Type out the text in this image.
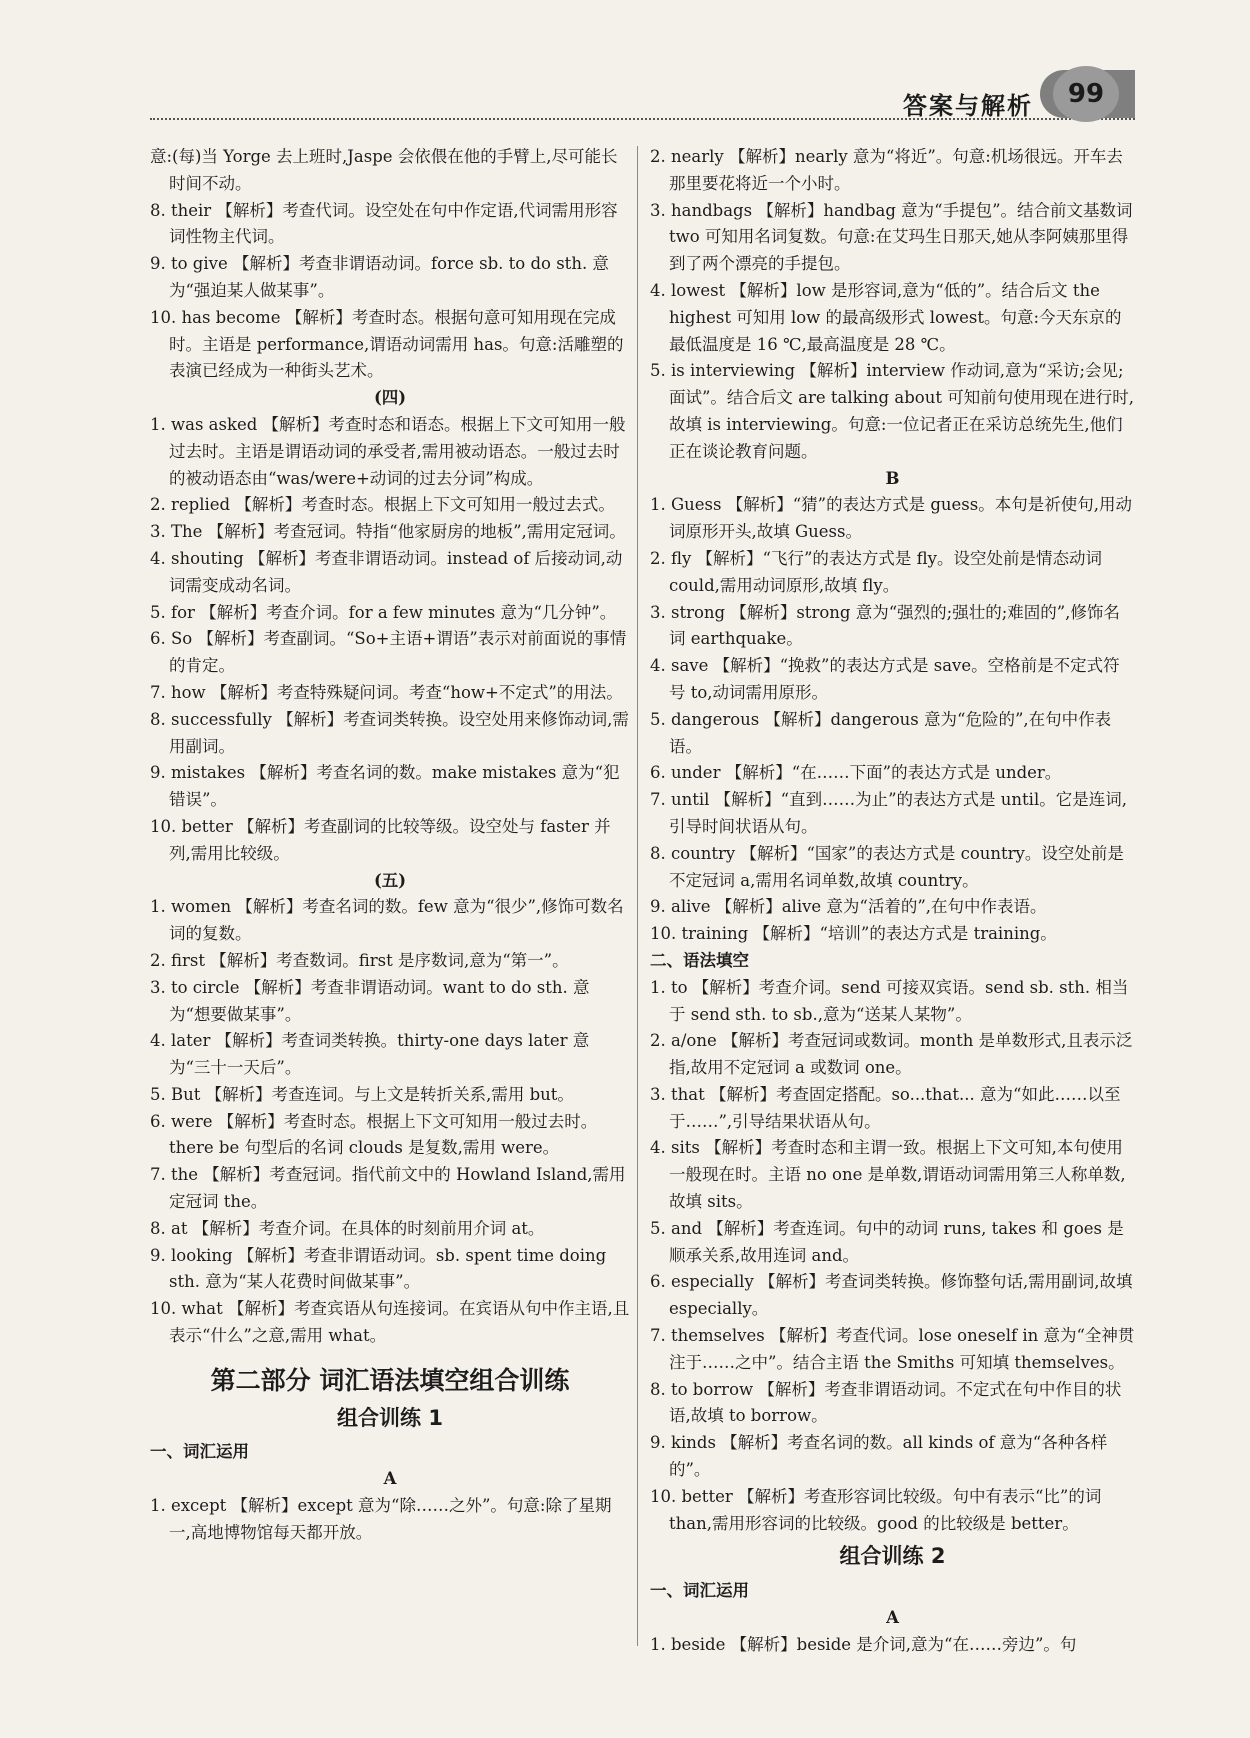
答案与解析	99

意:(每)当 Yorge 去上班时,Jaspe 会依偎在他的手臂上,尽可能长时间不动。

8. their 【解析】考查代词。设空处在句中作定语,代词需用形容词性物主代词。

9. to give 【解析】考查非谓语动词。force sb. to do sth. 意为“强迫某人做某事”。

10. has become 【解析】考查时态。根据句意可知用现在完成时。主语是 performance,谓语动词需用 has。句意:活雕塑的表演已经成为一种街头艺术。

(四)

1. was asked 【解析】考查时态和语态。根据上下文可知用一般过去时。主语是谓语动词的承受者,需用被动语态。一般过去时的被动语态由“was/were+动词的过去分词”构成。

2. replied 【解析】考查时态。根据上下文可知用一般过去式。

3. The 【解析】考查冠词。特指“他家厨房的地板”,需用定冠词。

4. shouting 【解析】考查非谓语动词。instead of 后接动词,动词需变成动名词。

5. for 【解析】考查介词。for a few minutes 意为“几分钟”。

6. So 【解析】考查副词。“So+主语+谓语”表示对前面说的事情的肯定。

7. how 【解析】考查特殊疑问词。考查“how+不定式”的用法。

8. successfully 【解析】考查词类转换。设空处用来修饰动词,需用副词。

9. mistakes 【解析】考查名词的数。make mistakes 意为“犯错误”。

10. better 【解析】考查副词的比较等级。设空处与 faster 并列,需用比较级。

(五)

1. women 【解析】考查名词的数。few 意为“很少”,修饰可数名词的复数。

2. first 【解析】考查数词。first 是序数词,意为“第一”。

3. to circle 【解析】考查非谓语动词。want to do sth. 意为“想要做某事”。

4. later 【解析】考查词类转换。thirty-one days later 意为“三十一天后”。

5. But 【解析】考查连词。与上文是转折关系,需用 but。

6. were 【解析】考查时态。根据上下文可知用一般过去时。there be 句型后的名词 clouds 是复数,需用 were。

7. the 【解析】考查冠词。指代前文中的 Howland Island,需用定冠词 the。

8. at 【解析】考查介词。在具体的时刻前用介词 at。

9. looking 【解析】考查非谓语动词。sb. spent time doing sth. 意为“某人花费时间做某事”。

10. what 【解析】考查宾语从句连接词。在宾语从句中作主语,且表示“什么”之意,需用 what。

第二部分 词汇语法填空组合训练
组合训练 1

一、词汇运用

A

1. except 【解析】except 意为“除……之外”。句意:除了星期一,高地博物馆每天都开放。

2. nearly 【解析】nearly 意为“将近”。句意:机场很远。开车去那里要花将近一个小时。

3. handbags 【解析】handbag 意为“手提包”。结合前文基数词 two 可知用名词复数。句意:在艾玛生日那天,她从李阿姨那里得到了两个漂亮的手提包。

4. lowest 【解析】low 是形容词,意为“低的”。结合后文 the highest 可知用 low 的最高级形式 lowest。句意:今天东京的最低温度是 16 ℃,最高温度是 28 ℃。

5. is interviewing 【解析】interview 作动词,意为“采访;会见;面试”。结合后文 are talking about 可知前句使用现在进行时,故填 is interviewing。句意:一位记者正在采访总统先生,他们正在谈论教育问题。

B

1. Guess 【解析】“猜”的表达方式是 guess。本句是祈使句,用动词原形开头,故填 Guess。

2. fly 【解析】“飞行”的表达方式是 fly。设空处前是情态动词 could,需用动词原形,故填 fly。

3. strong 【解析】strong 意为“强烈的;强壮的;难固的”,修饰名词 earthquake。

4. save 【解析】“挽救”的表达方式是 save。空格前是不定式符号 to,动词需用原形。

5. dangerous 【解析】dangerous 意为“危险的”,在句中作表语。

6. under 【解析】“在……下面”的表达方式是 under。

7. until 【解析】“直到……为止”的表达方式是 until。它是连词,引导时间状语从句。

8. country 【解析】“国家”的表达方式是 country。设空处前是不定冠词 a,需用名词单数,故填 country。

9. alive 【解析】alive 意为“活着的”,在句中作表语。

10. training 【解析】“培训”的表达方式是 training。

二、语法填空

1. to 【解析】考查介词。send 可接双宾语。send sb. sth. 相当于 send sth. to sb.,意为“送某人某物”。

2. a/one 【解析】考查冠词或数词。month 是单数形式,且表示泛指,故用不定冠词 a 或数词 one。

3. that 【解析】考查固定搭配。so...that... 意为“如此……以至于……”,引导结果状语从句。

4. sits 【解析】考查时态和主谓一致。根据上下文可知,本句使用一般现在时。主语 no one 是单数,谓语动词需用第三人称单数,故填 sits。

5. and 【解析】考查连词。句中的动词 runs, takes 和 goes 是顺承关系,故用连词 and。

6. especially 【解析】考查词类转换。修饰整句话,需用副词,故填 especially。

7. themselves 【解析】考查代词。lose oneself in 意为“全神贯注于……之中”。结合主语 the Smiths 可知填 themselves。

8. to borrow 【解析】考查非谓语动词。不定式在句中作目的状语,故填 to borrow。

9. kinds 【解析】考查名词的数。all kinds of 意为“各种各样的”。

10. better 【解析】考查形容词比较级。句中有表示“比”的词 than,需用形容词的比较级。good 的比较级是 better。

组合训练 2

一、词汇运用

A

1. beside 【解析】beside 是介词,意为“在……旁边”。句
